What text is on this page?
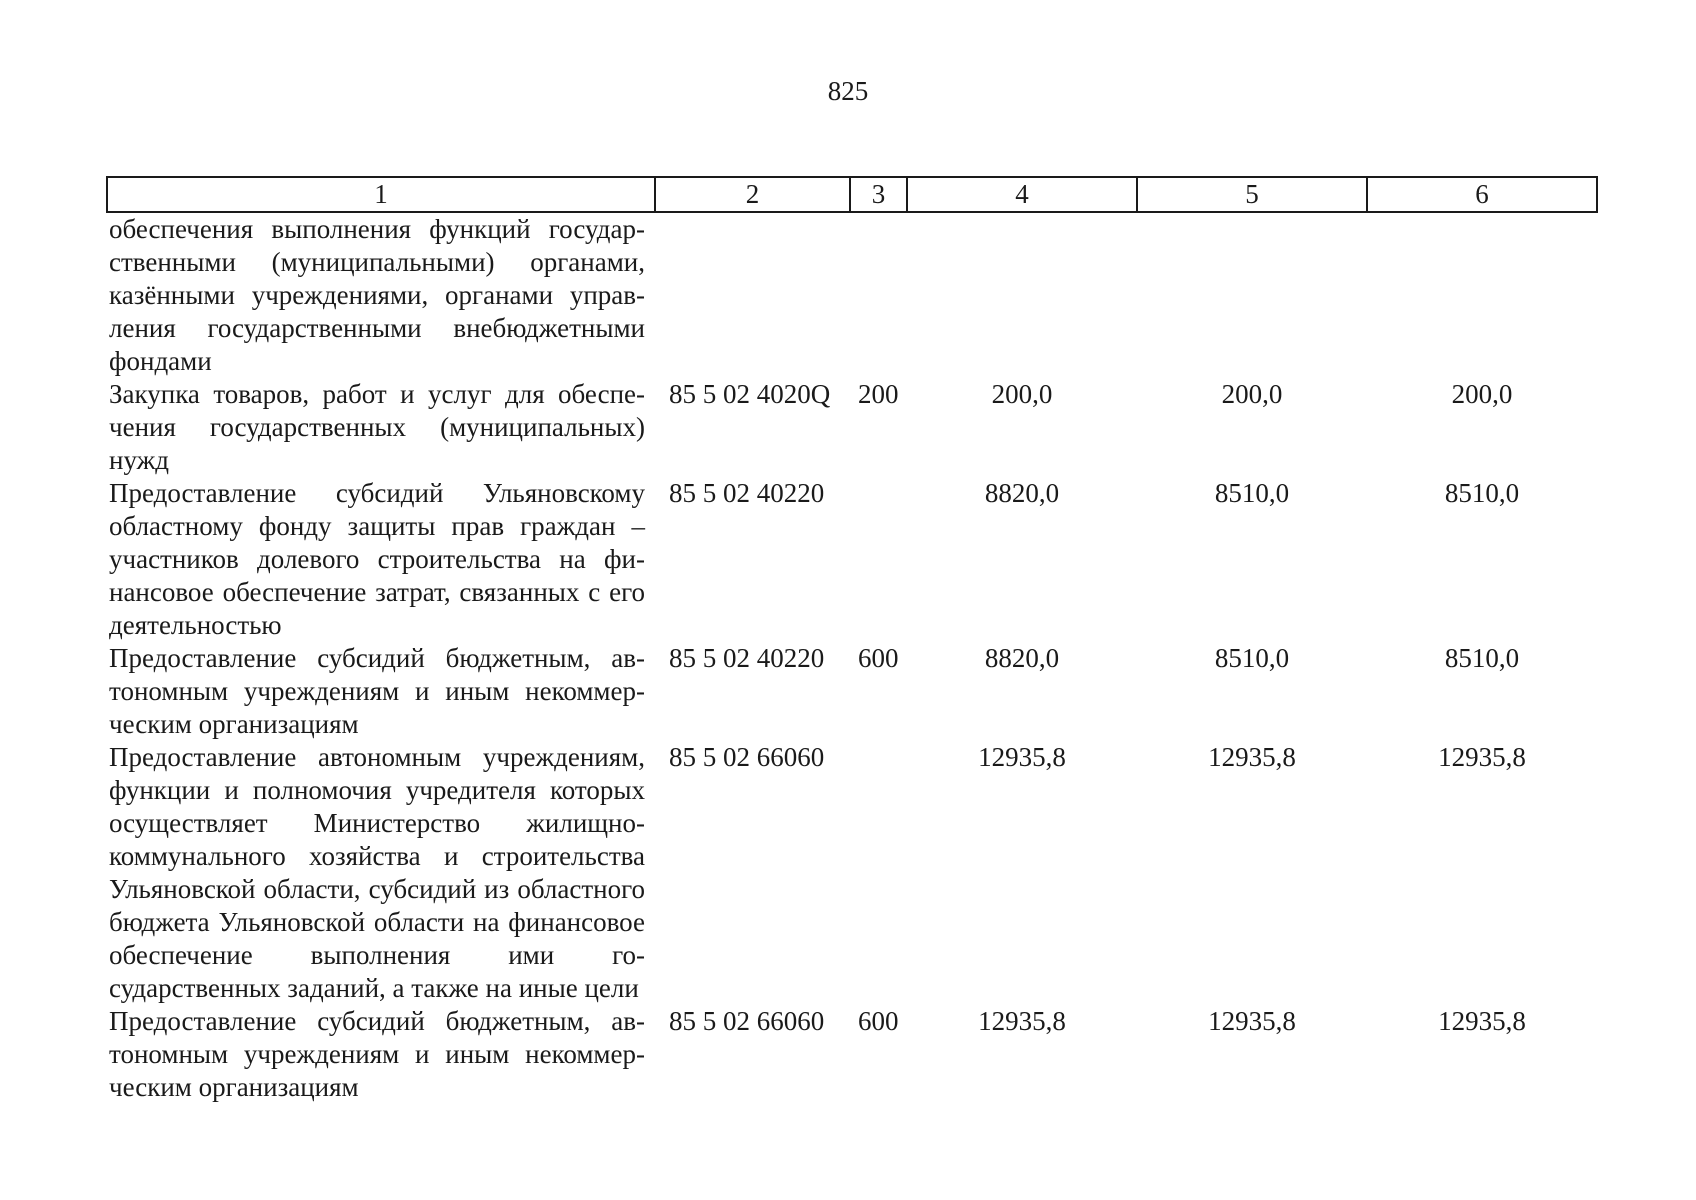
825
1	2	3	4	5	6
обеспечения выполнения функций государственными (муниципальными) органами, казёнными учреждениями, органами управления государственными внебюджетными фондами					
Закупка товаров, работ и услуг для обеспечения государственных (муниципальных) нужд	85 5 02 4020Q	200	200,0	200,0	200,0
Предоставление субсидий Ульяновскому областному фонду защиты прав граждан – участников долевого строительства на финансовое обеспечение затрат, связанных с его деятельностью	85 5 02 40220		8820,0	8510,0	8510,0
Предоставление субсидий бюджетным, автономным учреждениям и иным некоммерческим организациям	85 5 02 40220	600	8820,0	8510,0	8510,0
Предоставление автономным учреждениям, функции и полномочия учредителя которых осуществляет Министерство жилищно-коммунального хозяйства и строительства Ульяновской области, субсидий из областного бюджета Ульяновской области на финансовое обеспечение выполнения ими государственных заданий, а также на иные цели	85 5 02 66060		12935,8	12935,8	12935,8
Предоставление субсидий бюджетным, автономным учреждениям и иным некоммерческим организациям	85 5 02 66060	600	12935,8	12935,8	12935,8
